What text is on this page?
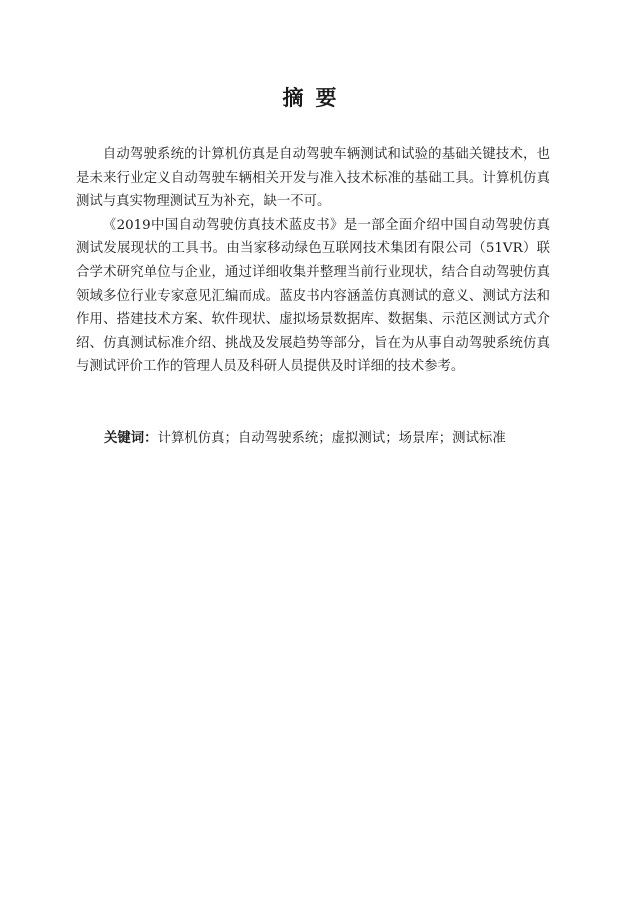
摘要

自动驾驶系统的计算机仿真是自动驾驶车辆测试和试验的基础关键技术，也是未来行业定义自动驾驶车辆相关开发与准入技术标准的基础工具。计算机仿真测试与真实物理测试互为补充，缺一不可。

《2019中国自动驾驶仿真技术蓝皮书》是一部全面介绍中国自动驾驶仿真测试发展现状的工具书。由当家移动绿色互联网技术集团有限公司（51VR）联合学术研究单位与企业，通过详细收集并整理当前行业现状，结合自动驾驶仿真领域多位行业专家意见汇编而成。蓝皮书内容涵盖仿真测试的意义、测试方法和作用、搭建技术方案、软件现状、虚拟场景数据库、数据集、示范区测试方式介绍、仿真测试标准介绍、挑战及发展趋势等部分，旨在为从事自动驾驶系统仿真与测试评价工作的管理人员及科研人员提供及时详细的技术参考。

关键词：计算机仿真；自动驾驶系统；虚拟测试；场景库；测试标准
